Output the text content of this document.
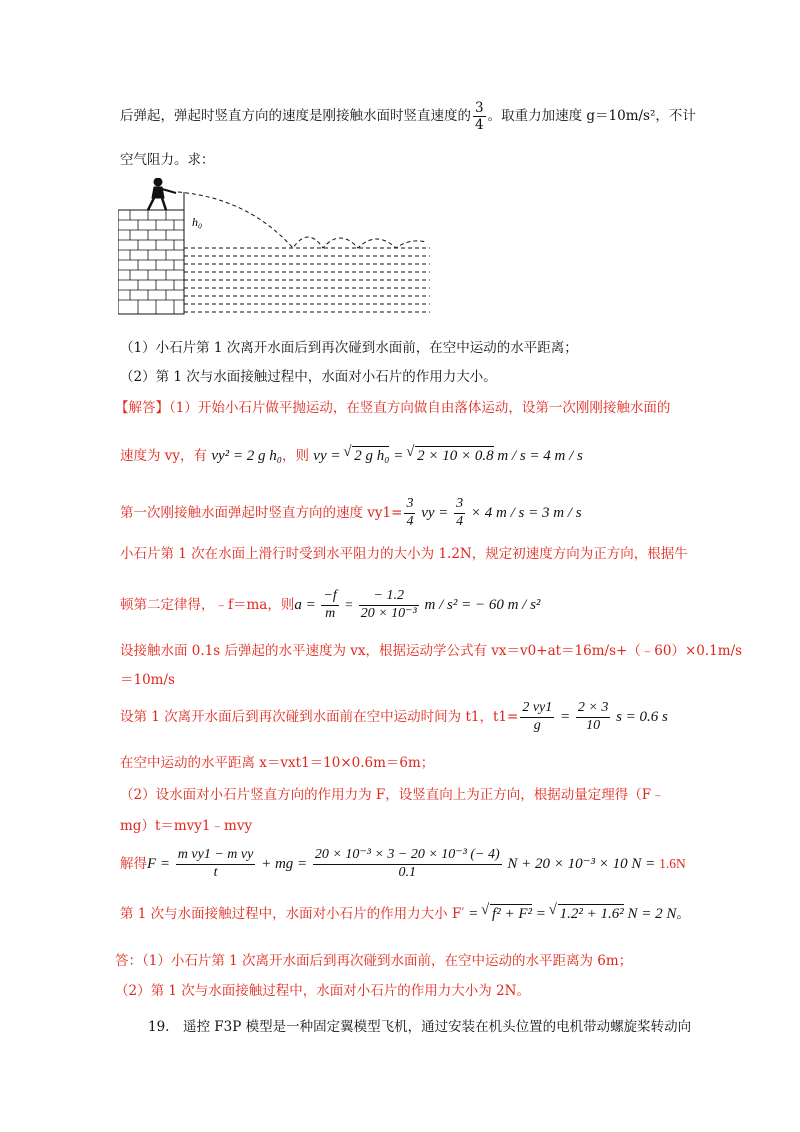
后弹起，弹起时竖直方向的速度是刚接触水面时竖直速度的 $\frac{3}{4}$ 。取重力加速度 g＝10m/s²，不计
空气阻力。求：
h₀
（1）小石片第 1 次离开水面后到再次碰到水面前，在空中运动的水平距离；
（2）第 1 次与水面接触过程中，水面对小石片的作用力大小。
【解答】（1）开始小石片做平抛运动，在竖直方向做自由落体运动，设第一次刚刚接触水面的
速度为 vy，有 vy² = 2 g h₀，则 vy = √ 2 g h₀ = √ 2 × 10 × 0.8 m / s = 4 m / s
第一次刚接触水面弹起时竖直方向的速度 $vy1= \frac{3}{4}$ vy = $\frac{3}{4} \times 4$ m / s = 3 m / s
小石片第 1 次在水面上滑行时受到水平阻力的大小为 1.2N，规定初速度方向为正方向，根据牛
顿第二定律得，﹣f＝ma，则$a = \frac{-f}{m} = \frac{- 1.2}{\text{20 × 10⁻³}}$ m / s² = − 60 m / s²
设接触水面 0.1s 后弹起的水平速度为 vx，根据运动学公式有 vx＝v0+at＝16m/s+（﹣60）×0.1m/s
＝10m/s
设第 1 次离开水面后到再次碰到水面前在空中运动时间为 t1，$t1= \frac{2 vy1}{g} = \frac{2 \times 3}{10}$ s = 0.6 s
在空中运动的水平距离 x＝vxt1＝10×0.6m＝6m；
（2）设水面对小石片竖直方向的作用力为 F，设竖直向上为正方向，根据动量定理得（F﹣
mg）t＝mvy1﹣mvy
解得$F = \frac{\text{m vy1 − m vy}}{t}$ + mg = $\frac{\text{20 × 10⁻³ × 3 − 20 × 10⁻³ (− 4)}}{0.1}$ N + 20 × 10⁻³ × 10 N = 1.6N
第 1 次与水面接触过程中，水面对小石片的作用力大小 F′ = √ f² + F² = √ 1.2² + 1.6² N = 2 N。
答：（1）小石片第 1 次离开水面后到再次碰到水面前，在空中运动的水平距离为 6m；
（2）第 1 次与水面接触过程中，水面对小石片的作用力大小为 2N。
19.　遥控 F3P 模型是一种固定翼模型飞机，通过安装在机头位置的电机带动螺旋桨转动向
